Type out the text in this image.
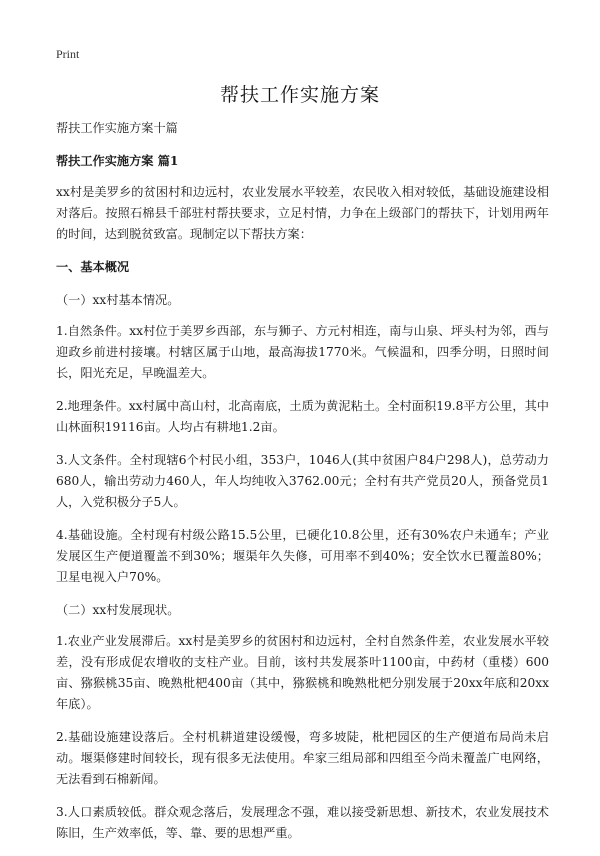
Print
帮扶工作实施方案

帮扶工作实施方案十篇

帮扶工作实施方案 篇1

xx村是美罗乡的贫困村和边远村，农业发展水平较差，农民收入相对较低，基础设施建设相对落后。按照石棉县千部驻村帮扶要求，立足村情，力争在上级部门的帮扶下，计划用两年的时间，达到脱贫致富。现制定以下帮扶方案：

一、基本概况

（一）xx村基本情况。

1.自然条件。xx村位于美罗乡西部，东与狮子、方元村相连，南与山泉、坪头村为邻，西与迎政乡前进村接壤。村辖区属于山地，最高海拔1770米。气候温和，四季分明，日照时间长，阳光充足，早晚温差大。

2.地理条件。xx村属中高山村，北高南底，土质为黄泥粘土。全村面积19.8平方公里，其中山林面积19116亩。人均占有耕地1.2亩。

3.人文条件。全村现辖6个村民小组，353户，1046人(其中贫困户84户298人)，总劳动力680人，输出劳动力460人，年人均纯收入3762.00元；全村有共产党员20人，预备党员1人，入党积极分子5人。

4.基础设施。全村现有村级公路15.5公里，已硬化10.8公里，还有30%农户未通车；产业发展区生产便道覆盖不到30%；堰渠年久失修，可用率不到40%；安全饮水已覆盖80%；卫星电视入户70%。

（二）xx村发展现状。

1.农业产业发展滞后。xx村是美罗乡的贫困村和边远村，全村自然条件差，农业发展水平较差，没有形成促农增收的支柱产业。目前，该村共发展茶叶1100亩，中药材（重楼）600亩、猕猴桃35亩、晚熟枇杷400亩（其中，猕猴桃和晚熟枇杷分别发展于20xx年底和20xx年底）。

2.基础设施建设落后。全村机耕道建设缓慢，弯多坡陡，枇杷园区的生产便道布局尚未启动。堰渠修建时间较长，现有很多无法使用。牟家三组局部和四组至今尚未覆盖广电网络，无法看到石棉新闻。

3.人口素质较低。群众观念落后，发展理念不强，难以接受新思想、新技术，农业发展技术陈旧，生产效率低，等、靠、要的思想严重。
